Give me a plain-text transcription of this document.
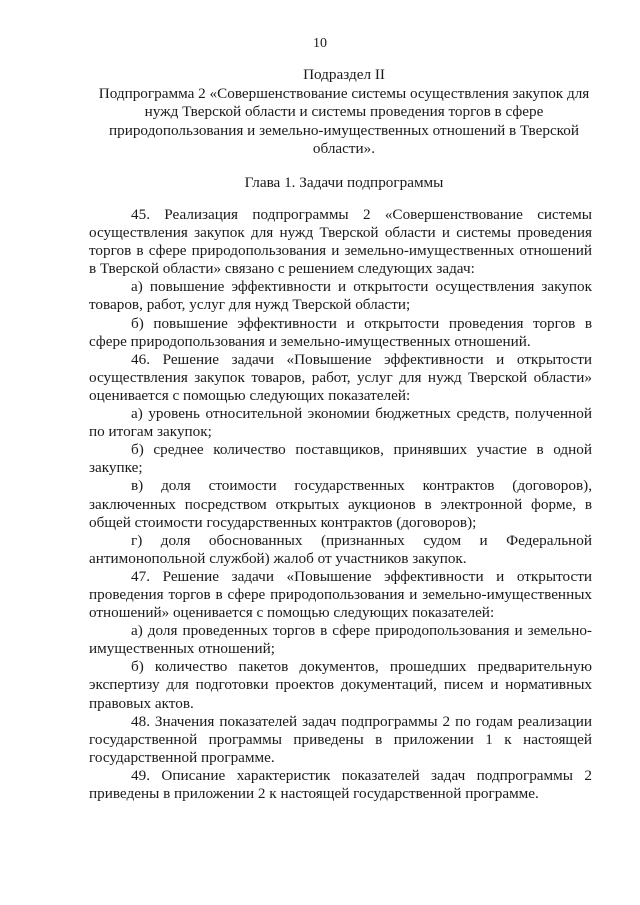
10

Подраздел II

Подпрограмма 2 «Совершенствование системы осуществления закупок для нужд Тверской области и системы проведения торгов в сфере природопользования и земельно-имущественных отношений в Тверской области».

Глава 1. Задачи подпрограммы

45. Реализация подпрограммы 2 «Совершенствование системы осуществления закупок для нужд Тверской области и системы проведения торгов в сфере природопользования и земельно-имущественных отношений в Тверской области» связано с решением следующих задач:

а) повышение эффективности и открытости осуществления закупок товаров, работ, услуг для нужд Тверской области;

б) повышение эффективности и открытости проведения торгов в сфере природопользования и земельно-имущественных отношений.

46. Решение задачи «Повышение эффективности и открытости осуществления закупок товаров, работ, услуг для нужд Тверской области» оценивается с помощью следующих показателей:

а) уровень относительной экономии бюджетных средств, полученной по итогам закупок;

б) среднее количество поставщиков, принявших участие в одной закупке;

в) доля стоимости государственных контрактов (договоров), заключенных посредством открытых аукционов в электронной форме, в общей стоимости государственных контрактов (договоров);

г) доля обоснованных (признанных судом и Федеральной антимонопольной службой) жалоб от участников закупок.

47. Решение задачи «Повышение эффективности и открытости проведения торгов в сфере природопользования и земельно-имущественных отношений» оценивается с помощью следующих показателей:

а) доля проведенных торгов в сфере природопользования и земельно-имущественных отношений;

б) количество пакетов документов, прошедших предварительную экспертизу для подготовки проектов документаций, писем и нормативных правовых актов.

48. Значения показателей задач подпрограммы 2 по годам реализации государственной программы приведены в приложении 1 к настоящей государственной программе.

49. Описание характеристик показателей задач подпрограммы 2 приведены в приложении 2 к настоящей государственной программе.
